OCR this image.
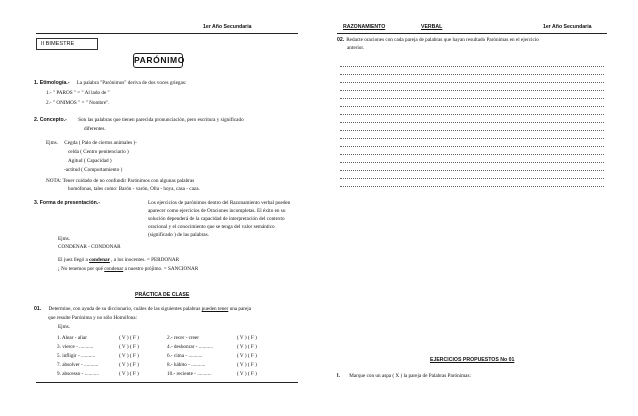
1er Año Secundaria
II BIMESTRE
PARÓNIMO
1. Etimología.- La palabra "Parónimos" deriva de dos voces griegas:
1.- " PAROS " = " Al lado de "
2.- " ONIMOS " = " Nombre".
2. Concepto.- Son las palabras que tienen parecida pronunciación, pero escritura y significado
diferentes.
Ejms. Cegda ( Palo de ciertos animales )-
celda ( Centro penitenciario )
Agitud ( Capacidad )
-actitud ( Comportamiento )
NOTA: Tener cuidado de no confundir Parónimos con algunas palabras
homófonas, tales como: Barón - varón, Olla - hoya, casa - caza.
3. Forma de presentación.-	Los ejercicios de parónimos dentro del Razonamiento verbal pueden
aparecer como ejercicios de Oraciones incompletas. El éxito en su
solución dependerá de la capacidad de interpretación del contexto
oracional y el conocimiento que se tenga del valor semántico
(significado ) de las palabras.
Ejms.
CONDENAR - CONDONAR
El juez llegó a condenar , a los inocentes. = PERDONAR
¡ No tenemos por qué condenar a nuestro prójimo. = SANCIONAR
PRÁCTICA DE CLASE
01. Determine, con ayuda de su diccionario, cuáles de las siguientes palabras pueden tener una pareja
que resulte Parónima y no sólo Homófona:
Ejms.
1. Alear - aliar	( V ) ( F )	2.- recer - creer	( V ) ( F )
3. vierce - ...........	( V ) ( F )	4.- deshonrar - ...........	( V ) ( F )
5. infligir - ...........	( V ) ( F )	6.- cima - ...........	( V ) ( F )
7. absolver - ...........	( V ) ( F )	8.- hábito - ...........	( V ) ( F )
9. abscesso - ...........	( V ) ( F )	10.- reciente - ...........	( V ) ( F )
RAZONAMIENTO	VERBAL	1er Año Secundaria
02. Redacte oraciones con cada pareja de palabras que hayan resultado Parónimas en el ejercicio
anterior.
EJERCICIOS PROPUESTOS No 01
I. Marque con un aspa ( X ) la pareja de Palabras Parónimas:
